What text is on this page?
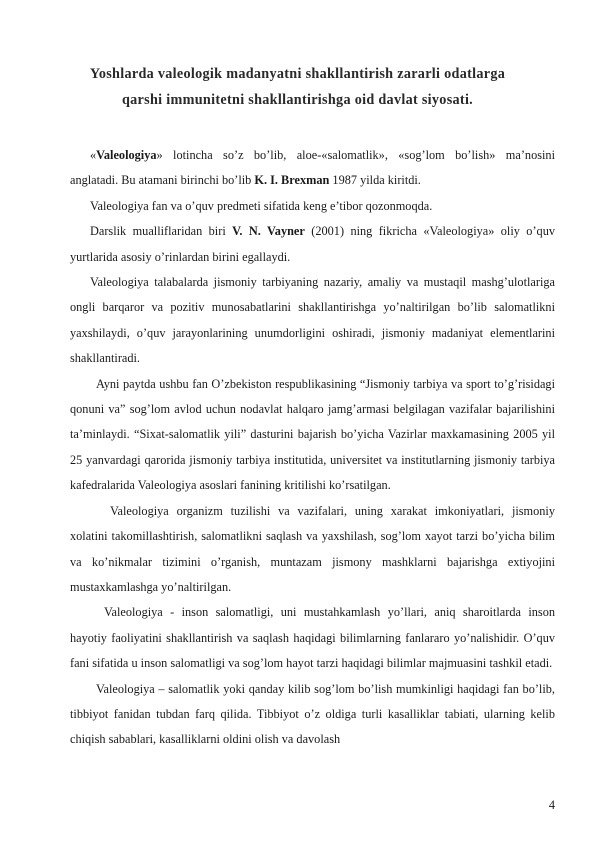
Yoshlarda valeologik madanyatni shakllantirish zararli odatlarga
qarshi immunitetni shakllantirishga oid davlat siyosati.

«Valeologiya» lotincha so’z bo’lib, aloe-«salomatlik», «sog’lom bo’lish» ma’nosini anglatadi. Bu atamani birinchi bo’lib K. I. Brexman 1987 yilda kiritdi.

Valeologiya fan va o’quv predmeti sifatida keng e’tibor qozonmoqda.

Darslik mualliflaridan biri V. N. Vayner (2001) ning fikricha «Valeologiya» oliy o’quv yurtlarida asosiy o’rinlardan birini egallaydi.

Valeologiya talabalarda jismoniy tarbiyaning nazariy, amaliy va mustaqil mashg’ulotlariga ongli barqaror va pozitiv munosabatlarini shakllantirishga yo’naltirilgan bo’lib salomatlikni yaxshilaydi, o’quv jarayonlarining unumdorligini oshiradi, jismoniy madaniyat elementlarini shakllantiradi.

Ayni paytda ushbu fan O’zbekiston respublikasining “Jismoniy tarbiya va sport to’g’risidagi qonuni va” sog’lom avlod uchun nodavlat halqaro jamg’armasi belgilagan vazifalar bajarilishini ta’minlaydi. “Sixat-salomatlik yili” dasturini bajarish bo’yicha Vazirlar maxkamasining 2005 yil 25 yanvardagi qarorida jismoniy tarbiya institutida, universitet va institutlarning jismoniy tarbiya kafedralarida Valeologiya asoslari fanining kritilishi ko’rsatilgan.

Valeologiya organizm tuzilishi va vazifalari, uning xarakat imkoniyatlari, jismoniy xolatini takomillashtirish, salomatlikni saqlash va yaxshilash, sog’lom xayot tarzi bo’yicha bilim va ko’nikmalar tizimini o’rganish, muntazam jismony mashklarni bajarishga extiyojini mustaxkamlashga yo’naltirilgan.

Valeologiya - inson salomatligi, uni mustahkamlash yo’llari, aniq sharoitlarda inson hayotiy faoliyatini shakllantirish va saqlash haqidagi bilimlarning fanlararo yo’nalishidir. O’quv fani sifatida u inson salomatligi va sog’lom hayot tarzi haqidagi bilimlar majmuasini tashkil etadi.

Valeologiya – salomatlik yoki qanday kilib sog’lom bo’lish mumkinligi haqidagi fan bo’lib, tibbiyot fanidan tubdan farq qilida. Tibbiyot o’z oldiga turli kasalliklar tabiati, ularning kelib chiqish sabablari, kasalliklarni oldini olish va davolash

4
